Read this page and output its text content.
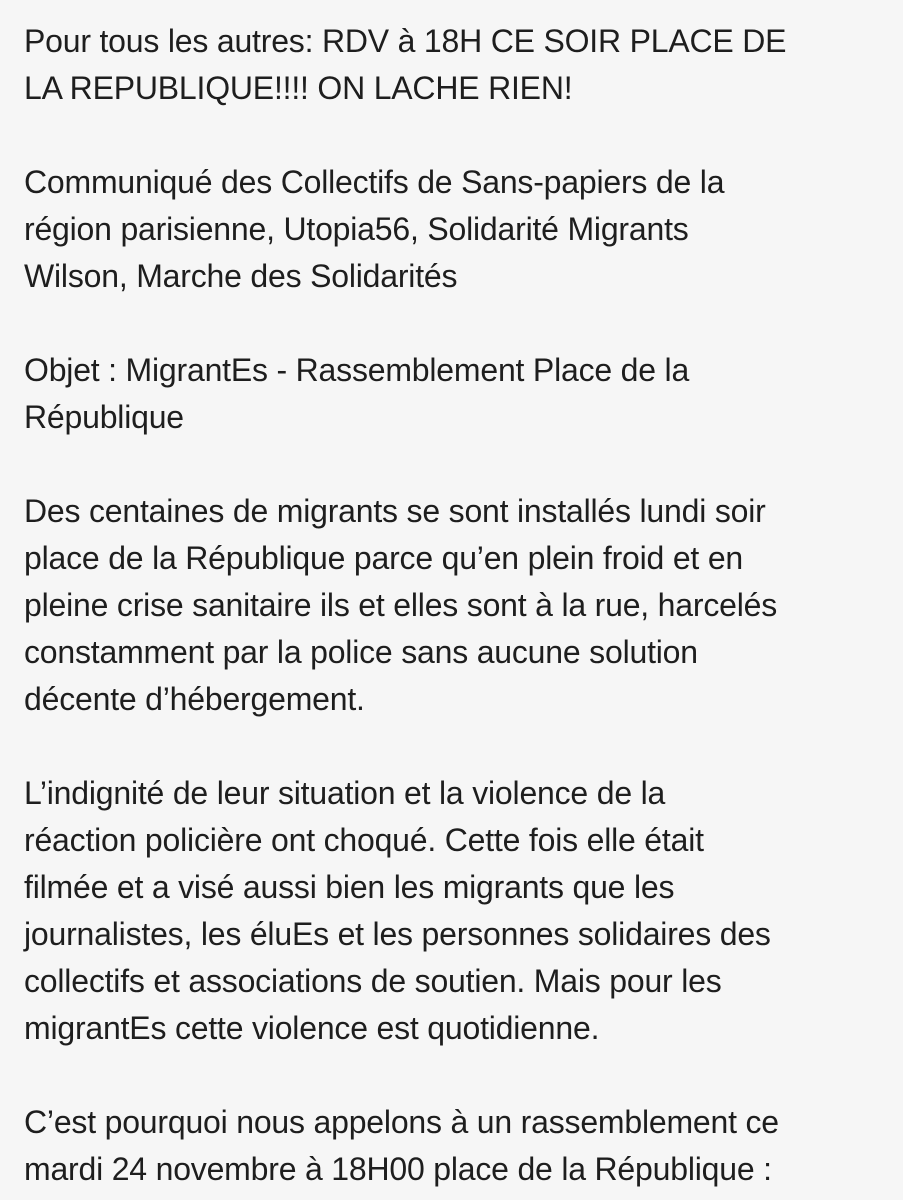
Pour tous les autres: RDV à 18H CE SOIR PLACE DE
LA REPUBLIQUE!!!! ON LACHE RIEN!

Communiqué des Collectifs de Sans-papiers de la
région parisienne, Utopia56, Solidarité Migrants
Wilson, Marche des Solidarités

Objet : MigrantEs - Rassemblement Place de la
République

Des centaines de migrants se sont installés lundi soir
place de la République parce qu’en plein froid et en
pleine crise sanitaire ils et elles sont à la rue, harcelés
constamment par la police sans aucune solution
décente d’hébergement.

L’indignité de leur situation et la violence de la
réaction policière ont choqué. Cette fois elle était
filmée et a visé aussi bien les migrants que les
journalistes, les éluEs et les personnes solidaires des
collectifs et associations de soutien. Mais pour les
migrantEs cette violence est quotidienne.

C’est pourquoi nous appelons à un rassemblement ce
mardi 24 novembre à 18H00 place de la République :
